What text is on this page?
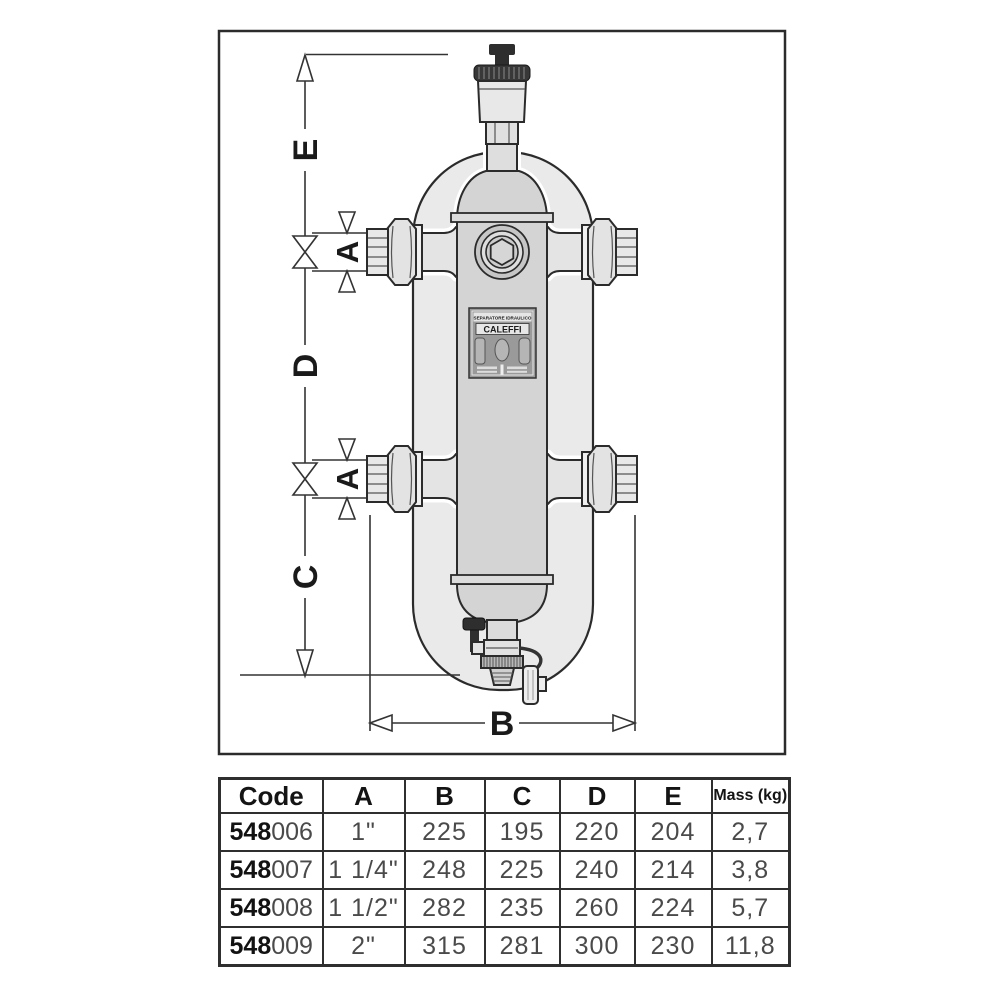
SEPARATORE IDRAULICO
CALEFFI
E
D
C
A
A
B
Code	A	B	C	D	E	Mass (kg)
548006	1"	225	195	220	204	2,7
548007	1 1/4"	248	225	240	214	3,8
548008	1 1/2"	282	235	260	224	5,7
548009	2"	315	281	300	230	11,8
